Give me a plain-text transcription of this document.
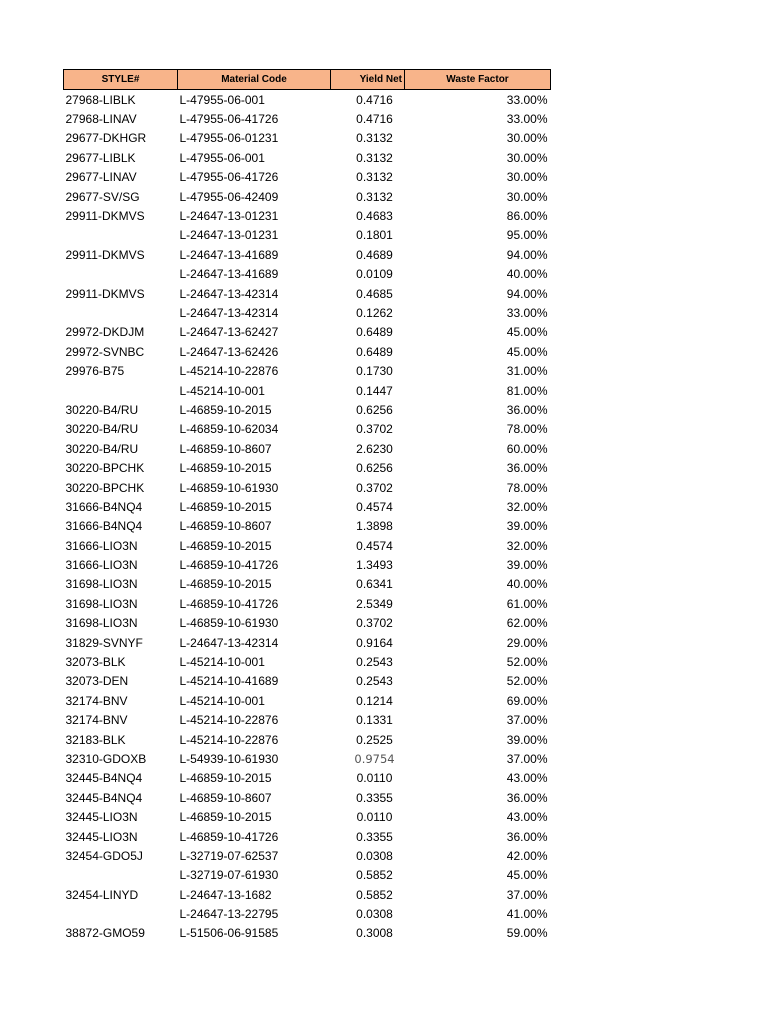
STYLE#	Material Code	Yield Net	Waste Factor
27968-LIBLK	L-47955-06-001	0.4716	33.00%
27968-LINAV	L-47955-06-41726	0.4716	33.00%
29677-DKHGR	L-47955-06-01231	0.3132	30.00%
29677-LIBLK	L-47955-06-001	0.3132	30.00%
29677-LINAV	L-47955-06-41726	0.3132	30.00%
29677-SV/SG	L-47955-06-42409	0.3132	30.00%
29911-DKMVS	L-24647-13-01231	0.4683	86.00%
	L-24647-13-01231	0.1801	95.00%
29911-DKMVS	L-24647-13-41689	0.4689	94.00%
	L-24647-13-41689	0.0109	40.00%
29911-DKMVS	L-24647-13-42314	0.4685	94.00%
	L-24647-13-42314	0.1262	33.00%
29972-DKDJM	L-24647-13-62427	0.6489	45.00%
29972-SVNBC	L-24647-13-62426	0.6489	45.00%
29976-B75	L-45214-10-22876	0.1730	31.00%
	L-45214-10-001	0.1447	81.00%
30220-B4/RU	L-46859-10-2015	0.6256	36.00%
30220-B4/RU	L-46859-10-62034	0.3702	78.00%
30220-B4/RU	L-46859-10-8607	2.6230	60.00%
30220-BPCHK	L-46859-10-2015	0.6256	36.00%
30220-BPCHK	L-46859-10-61930	0.3702	78.00%
31666-B4NQ4	L-46859-10-2015	0.4574	32.00%
31666-B4NQ4	L-46859-10-8607	1.3898	39.00%
31666-LIO3N	L-46859-10-2015	0.4574	32.00%
31666-LIO3N	L-46859-10-41726	1.3493	39.00%
31698-LIO3N	L-46859-10-2015	0.6341	40.00%
31698-LIO3N	L-46859-10-41726	2.5349	61.00%
31698-LIO3N	L-46859-10-61930	0.3702	62.00%
31829-SVNYF	L-24647-13-42314	0.9164	29.00%
32073-BLK	L-45214-10-001	0.2543	52.00%
32073-DEN	L-45214-10-41689	0.2543	52.00%
32174-BNV	L-45214-10-001	0.1214	69.00%
32174-BNV	L-45214-10-22876	0.1331	37.00%
32183-BLK	L-45214-10-22876	0.2525	39.00%
32310-GDOXB	L-54939-10-61930	0.9754	37.00%
32445-B4NQ4	L-46859-10-2015	0.0110	43.00%
32445-B4NQ4	L-46859-10-8607	0.3355	36.00%
32445-LIO3N	L-46859-10-2015	0.0110	43.00%
32445-LIO3N	L-46859-10-41726	0.3355	36.00%
32454-GDO5J	L-32719-07-62537	0.0308	42.00%
	L-32719-07-61930	0.5852	45.00%
32454-LINYD	L-24647-13-1682	0.5852	37.00%
	L-24647-13-22795	0.0308	41.00%
38872-GMO59	L-51506-06-91585	0.3008	59.00%
